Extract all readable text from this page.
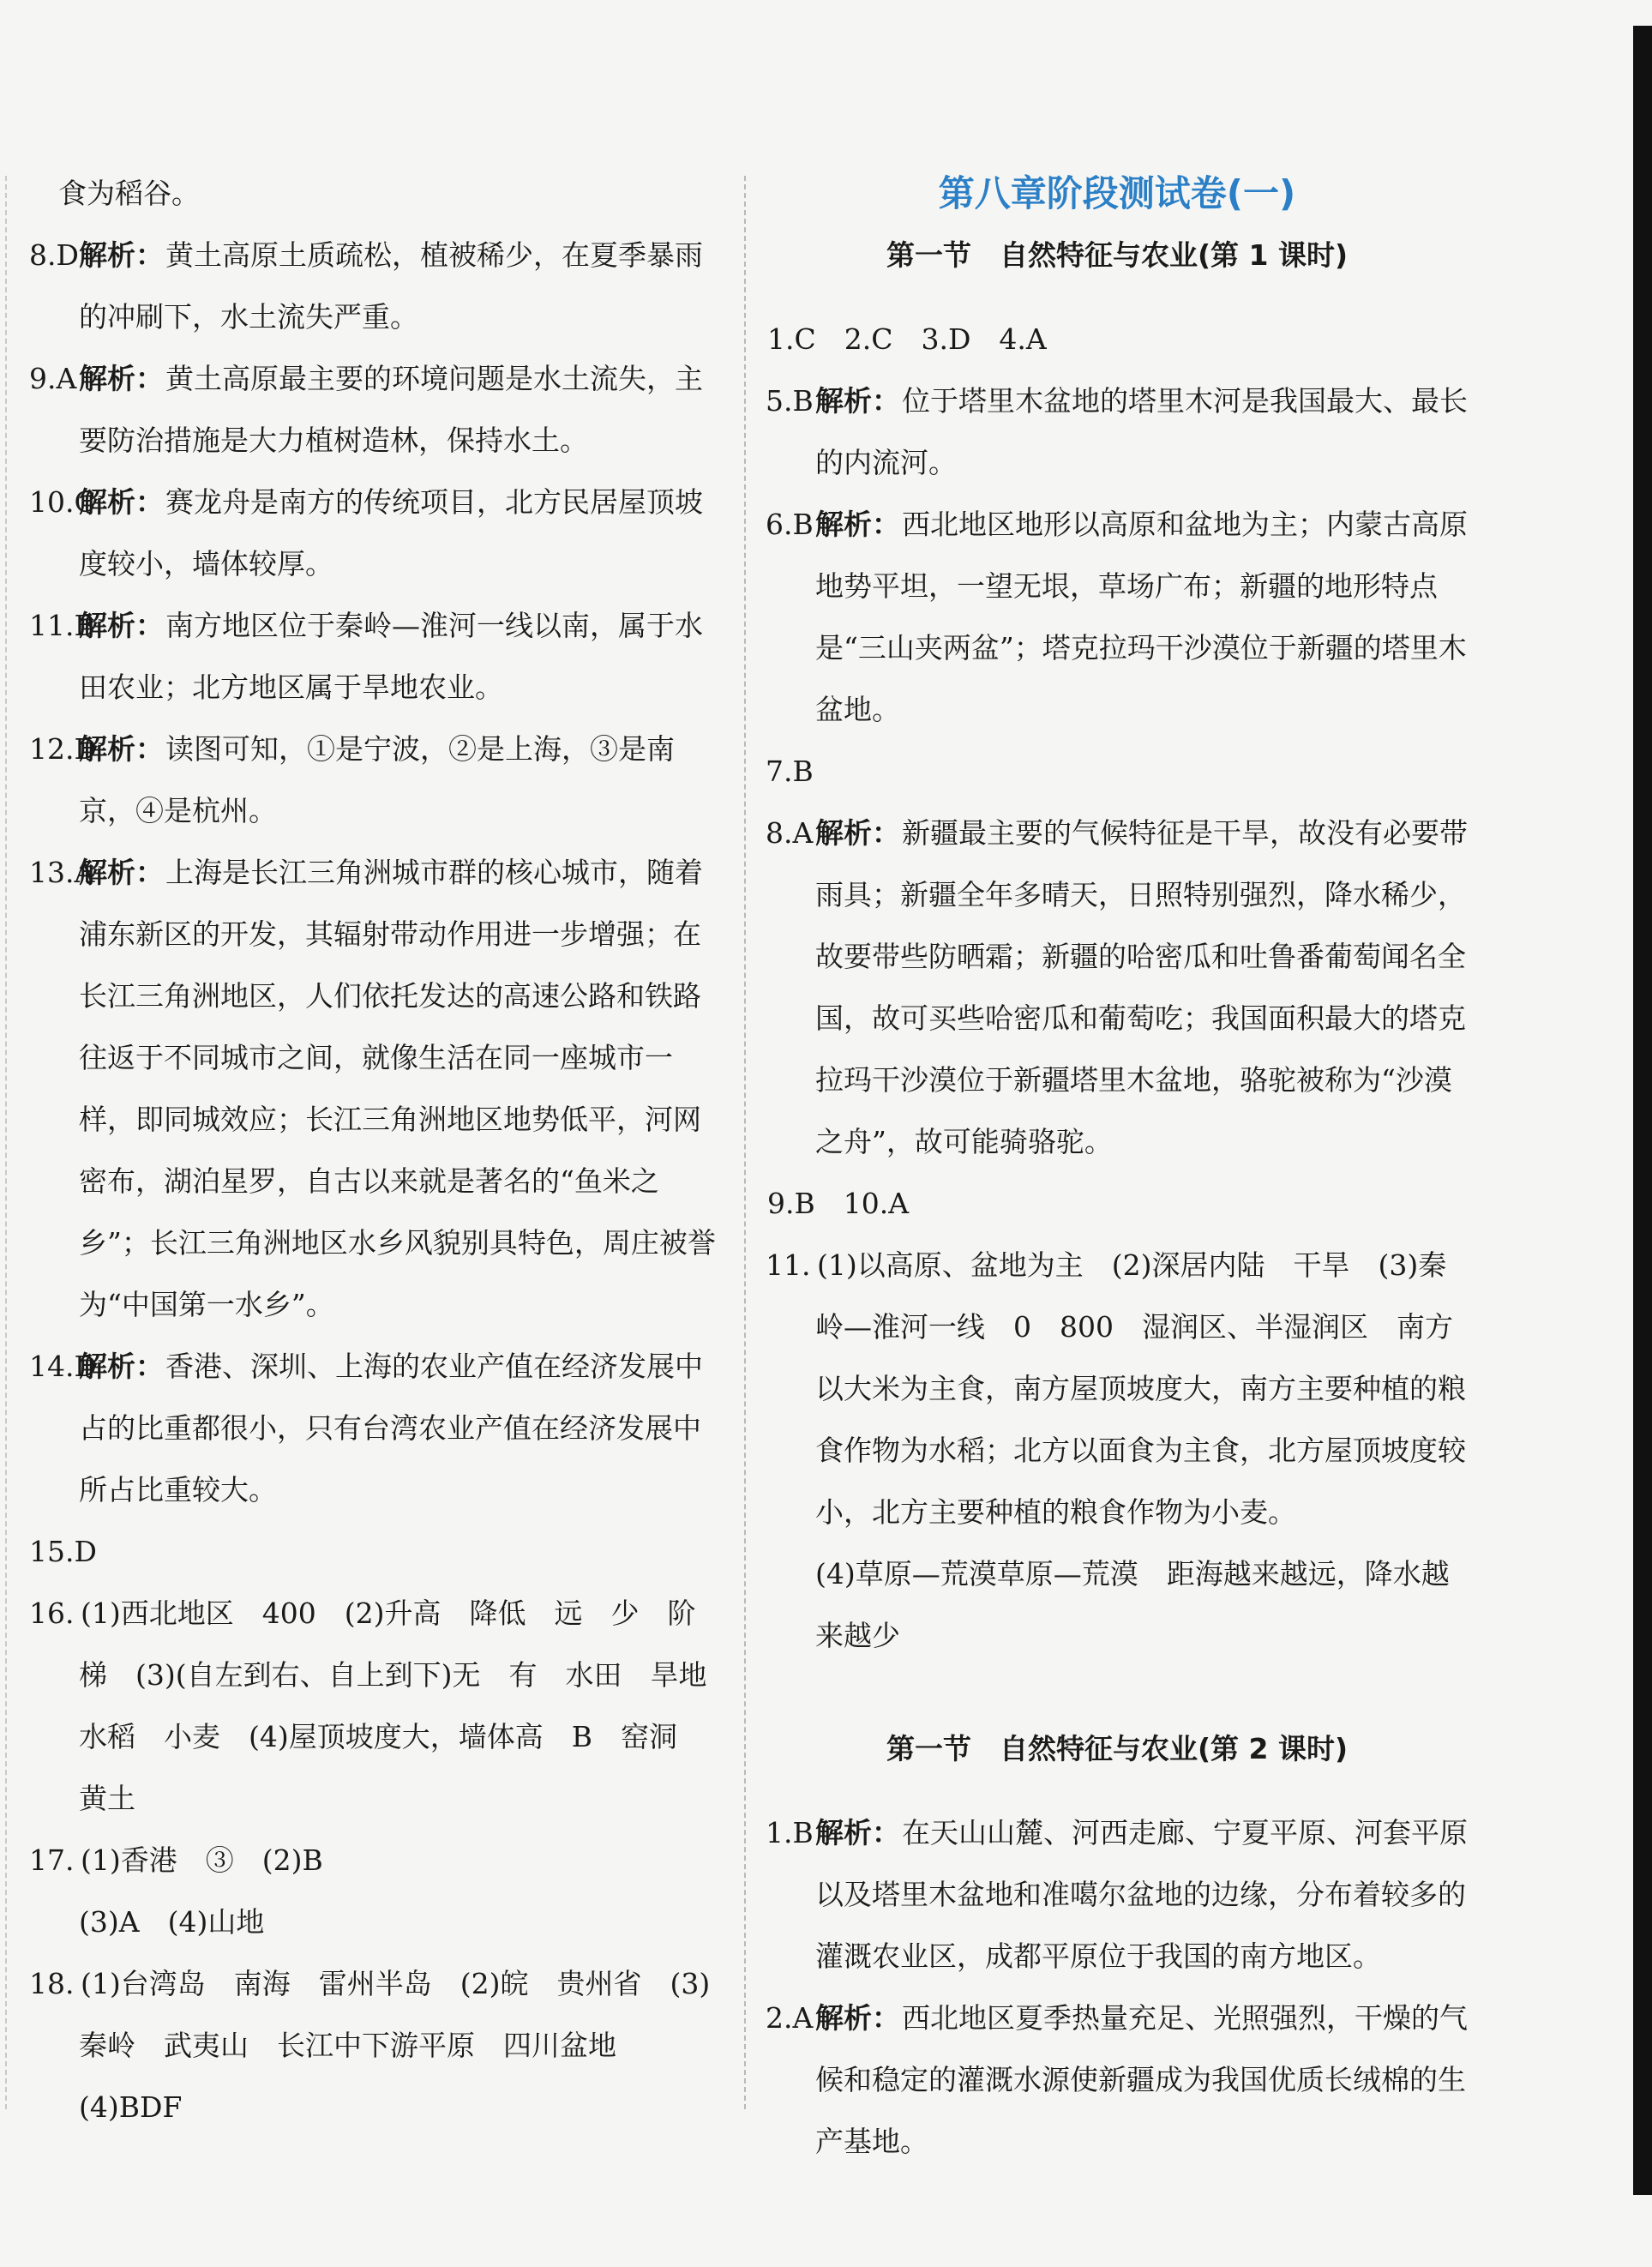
食为稻谷。
8.D 解析：黄土高原土质疏松，植被稀少，在夏季暴雨的冲刷下，水土流失严重。
9.A 解析：黄土高原最主要的环境问题是水土流失，主要防治措施是大力植树造林，保持水土。
10.C
解析：赛龙舟是南方的传统项目，北方民居屋顶坡度较小，墙体较厚。
11.B
解析：南方地区位于秦岭—淮河一线以南，属于水田农业；北方地区属于旱地农业。
12.D
解析：读图可知，①是宁波，②是上海，③是南京，④是杭州。
13.A
解析：上海是长江三角洲城市群的核心城市，随着浦东新区的开发，其辐射带动作用进一步增强；在长江三角洲地区，人们依托发达的高速公路和铁路往返于不同城市之间，就像生活在同一座城市一样，即同城效应；长江三角洲地区地势低平，河网密布，湖泊星罗，自古以来就是著名的“鱼米之乡”；长江三角洲地区水乡风貌别具特色，周庄被誉为“中国第一水乡”。
14.D
解析：香港、深圳、上海的农业产值在经济发展中占的比重都很小，只有台湾农业产值在经济发展中所占比重较大。
15.D
16. (1)西北地区　400　(2)升高　降低　远　少　阶梯　(3)(自左到右、自上到下)无　有　水田　旱地　水稻　小麦　(4)屋顶坡度大，墙体高　B　窑洞　黄土
17. (1)香港　③　(2)B
(3)A　(4)山地
18. (1)台湾岛　南海　雷州半岛　(2)皖　贵州省　(3)秦岭　武夷山　长江中下游平原　四川盆地
(4)BDF
第八章阶段测试卷(一)
第一节　自然特征与农业(第 1 课时)
1.C　2.C　3.D　4.A
5.B 解析：位于塔里木盆地的塔里木河是我国最大、最长的内流河。
6.B 解析：西北地区地形以高原和盆地为主；内蒙古高原地势平坦，一望无垠，草场广布；新疆的地形特点是“三山夹两盆”；塔克拉玛干沙漠位于新疆的塔里木盆地。
7.B
8.A 解析：新疆最主要的气候特征是干旱，故没有必要带雨具；新疆全年多晴天，日照特别强烈，降水稀少，故要带些防晒霜；新疆的哈密瓜和吐鲁番葡萄闻名全国，故可买些哈密瓜和葡萄吃；我国面积最大的塔克拉玛干沙漠位于新疆塔里木盆地，骆驼被称为“沙漠之舟”，故可能骑骆驼。
9.B　10.A
11. (1)以高原、盆地为主　(2)深居内陆　干旱　(3)秦岭—淮河一线　0　800　湿润区、半湿润区　南方以大米为主食，南方屋顶坡度大，南方主要种植的粮食作物为水稻；北方以面食为主食，北方屋顶坡度较小，北方主要种植的粮食作物为小麦。
(4)草原—荒漠草原—荒漠　距海越来越远，降水越来越少
第一节　自然特征与农业(第 2 课时)
1.B 解析：在天山山麓、河西走廊、宁夏平原、河套平原以及塔里木盆地和准噶尔盆地的边缘，分布着较多的灌溉农业区，成都平原位于我国的南方地区。
2.A 解析：西北地区夏季热量充足、光照强烈，干燥的气候和稳定的灌溉水源使新疆成为我国优质长绒棉的生产基地。
